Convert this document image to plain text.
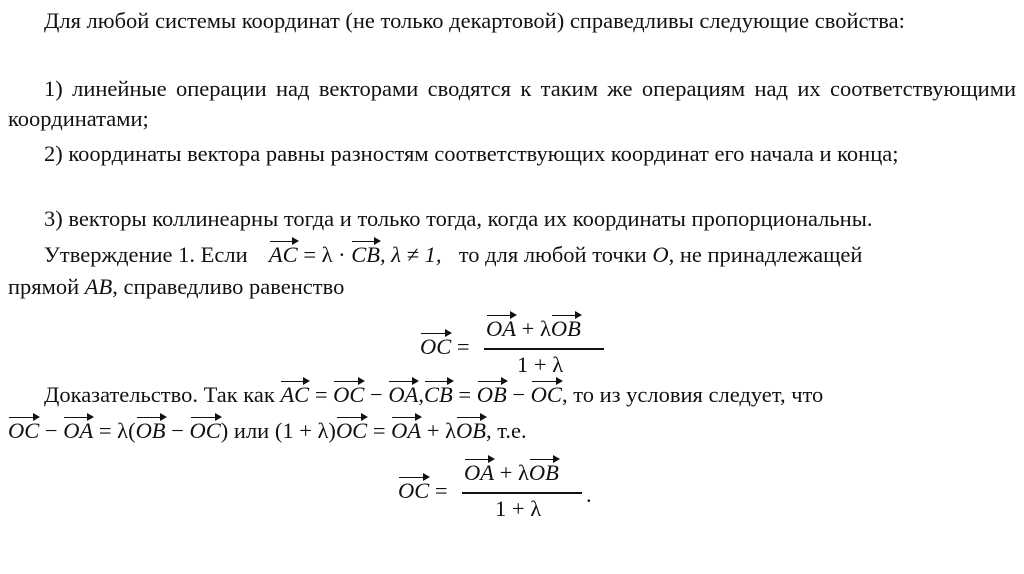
Для любой системы координат (не только декартовой) справедливы следующие свойства:
1) линейные операции над векторами сводятся к таким же операциям над их соответствующими координатами;
2) координаты вектора равны разностям соответствующих координат его начала и конца;
3) векторы коллинеарны тогда и только тогда, когда их координаты пропорциональны.
Утверждение 1. Если AC = λ · CB, λ ≠ 1, то для любой точки O, не принадлежащей
прямой AB, справедливо равенство
OC =
OA + λOB
1 + λ
Доказательство. Так как AC = OC − OA,CB = OB − OC, то из условия следует, что
OC − OA = λ(OB − OC) или (1 + λ)OC = OA + λOB, т.е.
OC =
OA + λOB
1 + λ
.
